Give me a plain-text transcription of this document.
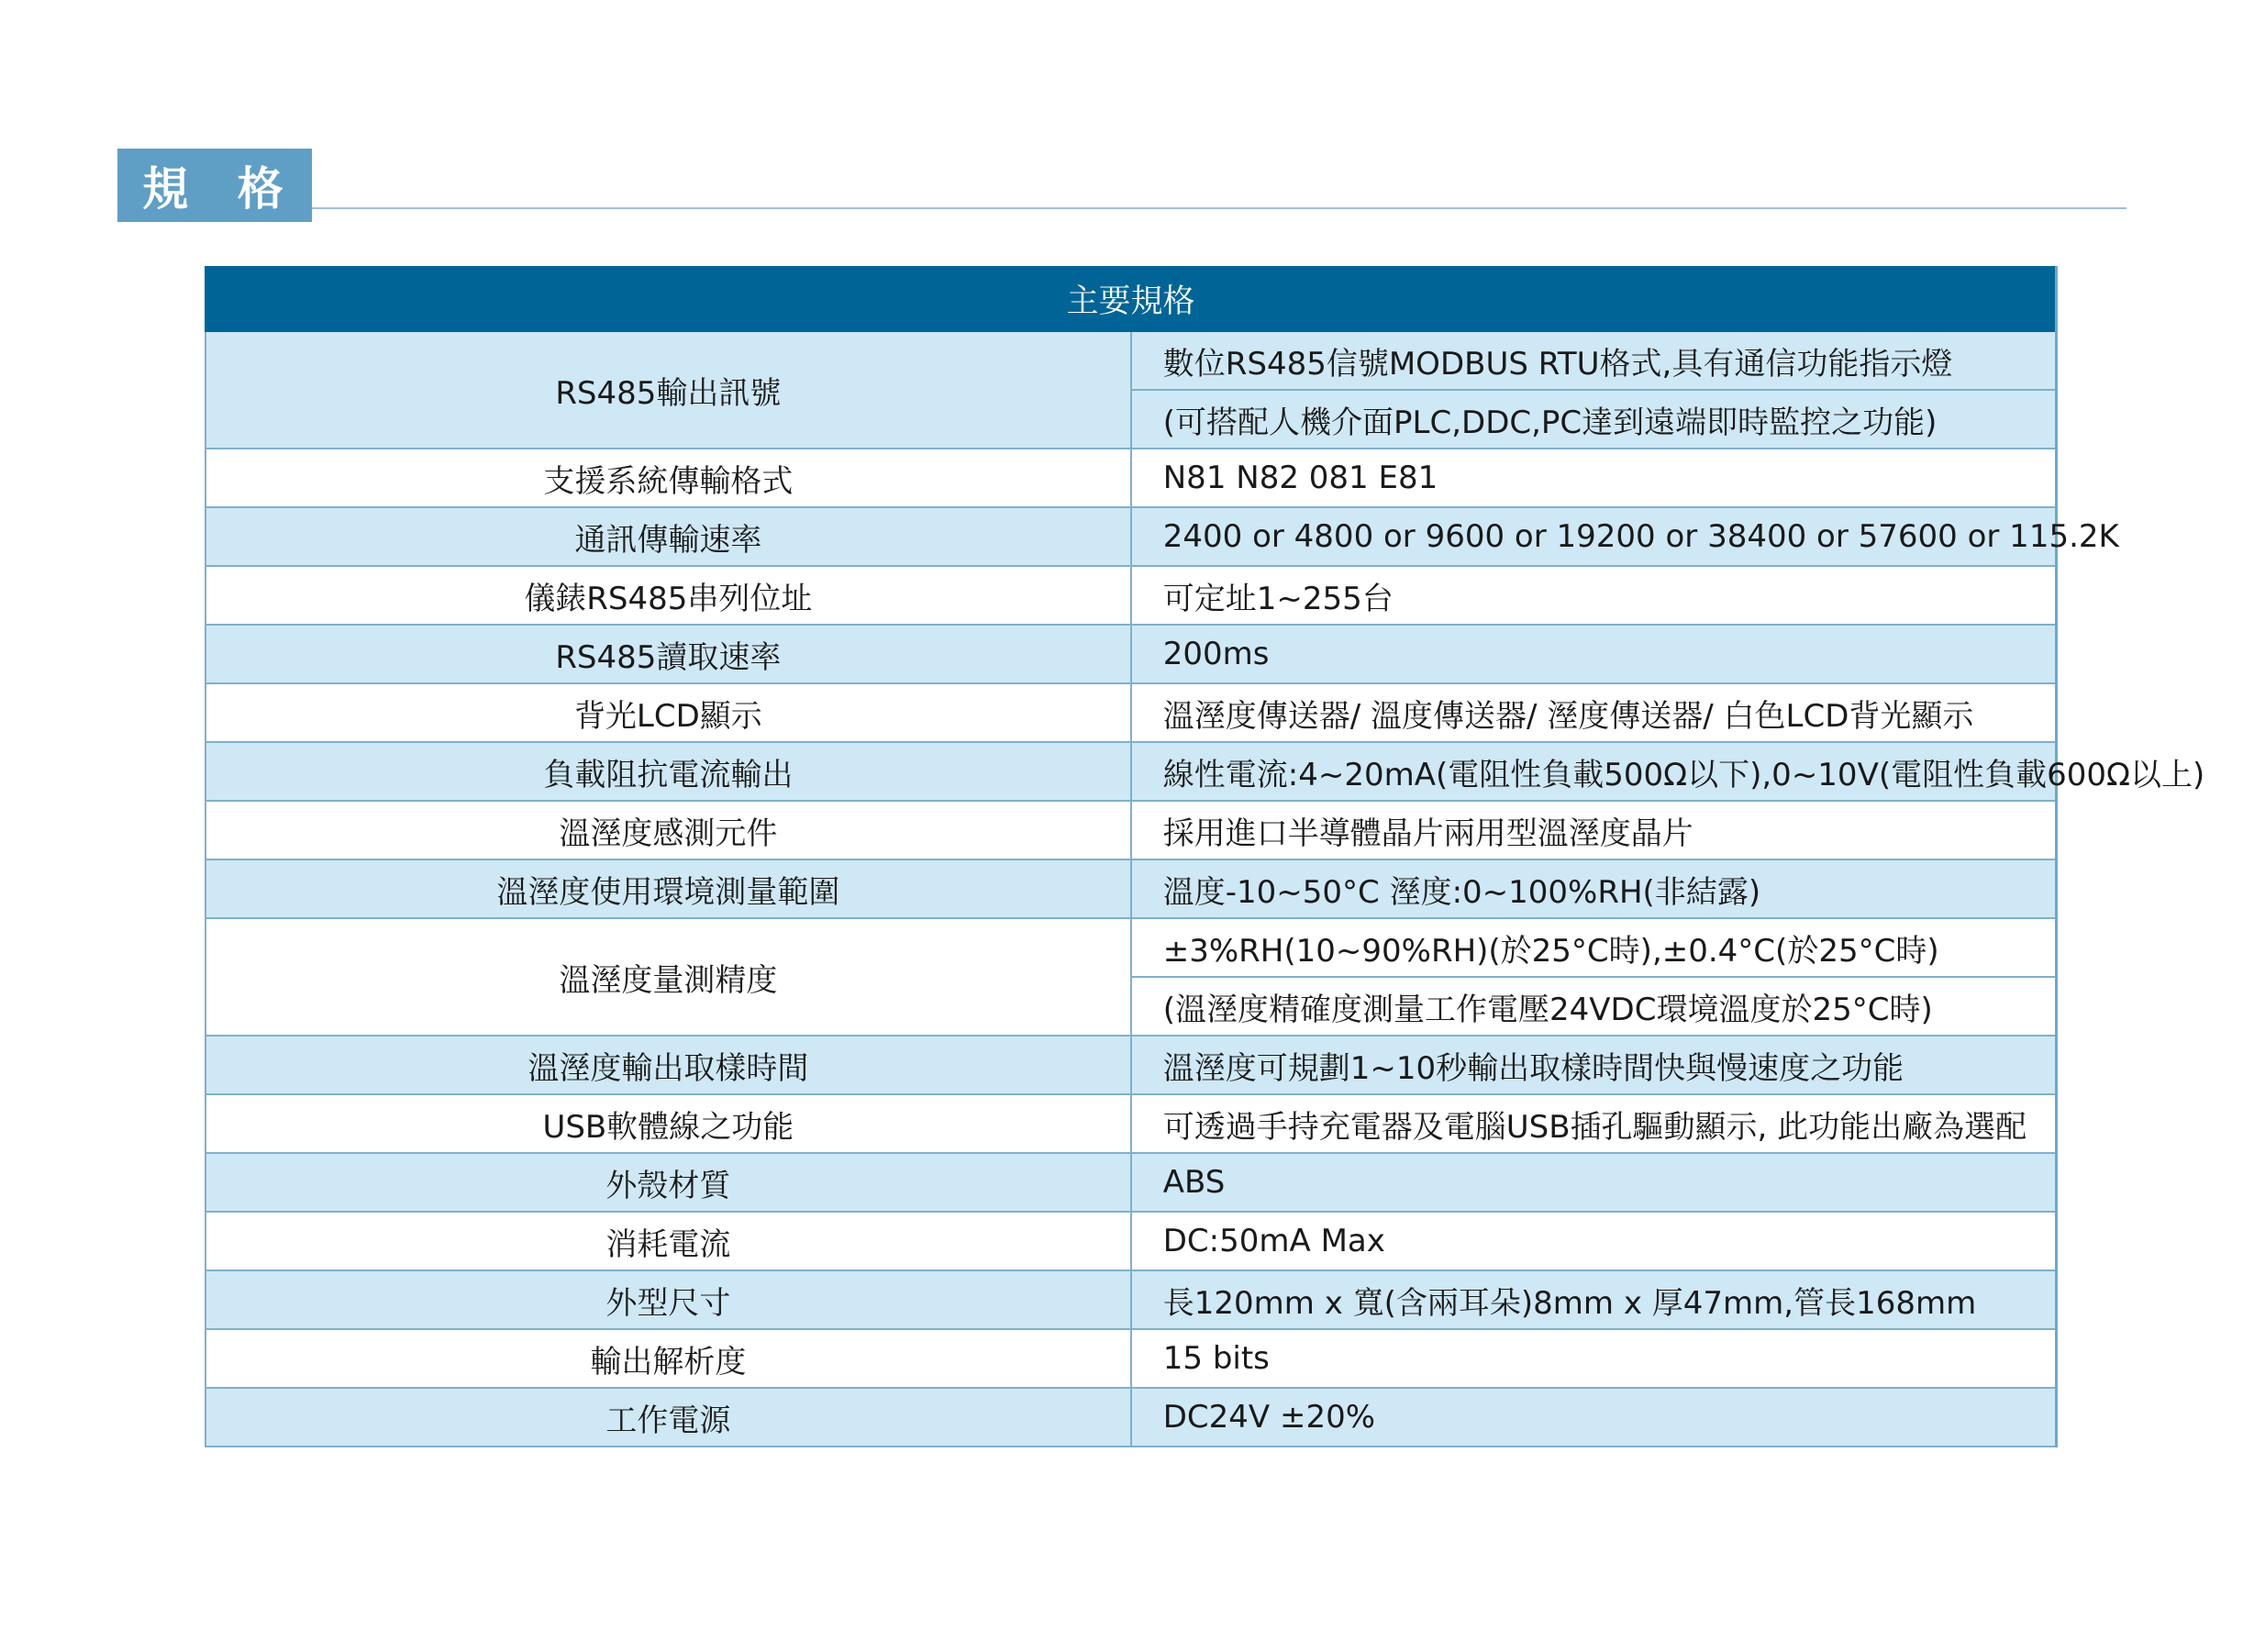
規 格
主要規格	
RS485輸出訊號	數位RS485信號MODBUS RTU格式,具有通信功能指示燈
	(可搭配人機介面PLC,DDC,PC達到遠端即時監控之功能)
支援系統傳輸格式	N81 N82 081 E81
通訊傳輸速率	2400 or 4800 or 9600 or 19200 or 38400 or 57600 or 115.2K
儀錶RS485串列位址	可定址1~255台
RS485讀取速率	200ms
背光LCD顯示	溫溼度傳送器/ 溫度傳送器/ 溼度傳送器/ 白色LCD背光顯示
負載阻抗電流輸出	線性電流:4~20mA(電阻性負載500Ω以下),0~10V(電阻性負載600Ω以上)
溫溼度感測元件	採用進口半導體晶片兩用型溫溼度晶片
溫溼度使用環境測量範圍	溫度-10~50°C 溼度:0~100%RH(非結露)
溫溼度量測精度	±3%RH(10~90%RH)(於25°C時),±0.4°C(於25°C時)
	(溫溼度精確度測量工作電壓24VDC環境溫度於25°C時)
溫溼度輸出取樣時間	溫溼度可規劃1~10秒輸出取樣時間快與慢速度之功能
USB軟體線之功能	可透過手持充電器及電腦USB插孔驅動顯示, 此功能出廠為選配
外殼材質	ABS
消耗電流	DC:50mA Max
外型尺寸	長120mm x 寬(含兩耳朵)8mm x 厚47mm,管長168mm
輸出解析度	15 bits
工作電源	DC24V ±20%
